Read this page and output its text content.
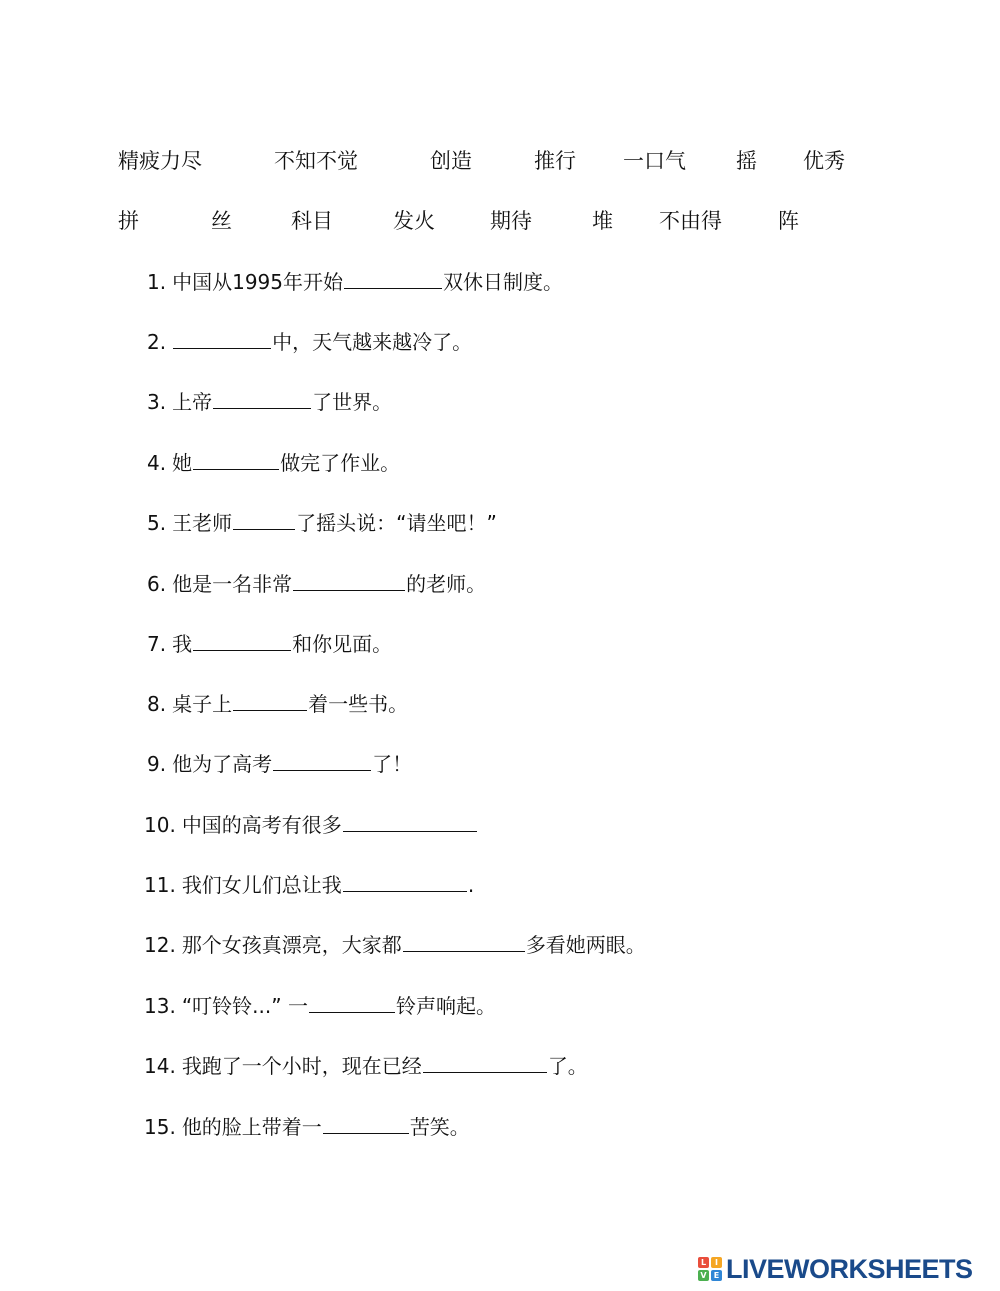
精疲力尽	不知不觉	创造	推行 一口气 摇 优秀
拼	丝	科目	发火	期待	堆 不由得	阵
1. 中国从1995年开始	双休日制度。
2.	中，天气越来越冷了。
3. 上帝	了世界。
4. 她	做完了作业。
5. 王老师	了摇头说：“请坐吧！”
6. 他是一名非常	的老师。
7. 我	和你见面。
8. 桌子上	着一些书。
9. 他为了高考	了！
10. 中国的高考有很多
11. 我们女儿们总让我	.
12. 那个女孩真漂亮，大家都	多看她两眼。
13. “叮铃铃...” 一	铃声响起。
14. 我跑了一个小时，现在已经	了。
15. 他的脸上带着一	苦笑。
L	I
V E LIVEWORKSHEETS
